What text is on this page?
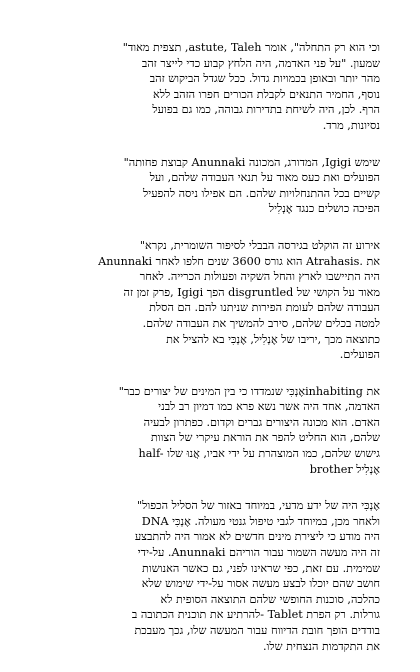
וכי הוא רק התחלה", אומר astute, Taleh, תצפית מאוד"
שמעון. "על פני האדמה, היה הלחץ קבוע כדי לייצר זהב
מהר יותר ובאופן בכמויות גדול. ככל שגדל הביקוש זהב
נוסף, החמיר התנאים לקבלת הכורים חפרו הזהב ללא
הרף. לכן, היה לשיחת בתדירות גבוהה, כמו גם בפועל
נסיונות, מרד.
שימש Igigi, המדורג, המכונה Anunnaki קבוצת פחותה"
הפועלים ואת כעס מאוד על תנאי העבודה שלהם, ועל
קשיים בכל ההתנחלויות שלהם. הם אפילו ניסה להפעיל
הפיכה כושלים כנגד אֶנְלִיל
אירוע זה הוקלט בגירסה הבבלי לסיפור השומרית, נקרא"
Anunnaki הוא גורס 3600 שנים חלפו לאחר Atrahasis. את
היה התיישבו לארץ והחל השקיה ופעולות הכרייה. לאחר
מאוד על הקושי של disgruntled הפך Igigi ,פרק זמן זה
העבודה שלהם לעומת הפירות שניתנו להם. הם הסלת
למטה בכלים שלהם, סירב להמשיך את העבודה שלהם.
כתוצאה מכך ,יריבו של אֶנְלִיל, אֶנְכִּי בא להציל את
הפועלים.
את inhabitingאֶנְכִּי שנמדדו כי בין המינים של יצורים כבר"
האדמה, אחד היה אשר נשא פרא כמו דמיון רב לבני
האדם. הוא מכונה היצורים גברים וקדום. כפתרון לבעיה
שלהם, הוא החליט להפר את הוראת עיקרי של הצוות
half- גישוש שלהם, כמו המוצהרת על ידי אביו, אֲנוּ שלו
brother אֶנְלִיל
אֶנְכִּי היה של ידע מדעי, במיוחד באזור של הסליל הכפול"
ולאחר מכן, במיוחד לגבי טיפול גנטי מעולה. אֶנְכִּי DNA
היה מודע כי ליצירת מינים חדשים לא אמור היה להתבצע
זה היה מעשה השמור עבור הוריהם Anunnaki. על-ידי
שמימית. עם זאת, כפי שראינו לפני, גם כאשר האנושות
חושב שהם יוכלו לבצע מעשה אסור על-ידי שימוש שלא
כהלכה, סוכנות החופשי שלהם התוצאה הסופית לא
גורלות. רק הפרת Tablet -להרתיע את תוכנית הכתובה ב
בודדים הופך חובת הדיווח עבור המעשה שלו, גכך מעבכת
את התקדמות הנצחית שלו.
